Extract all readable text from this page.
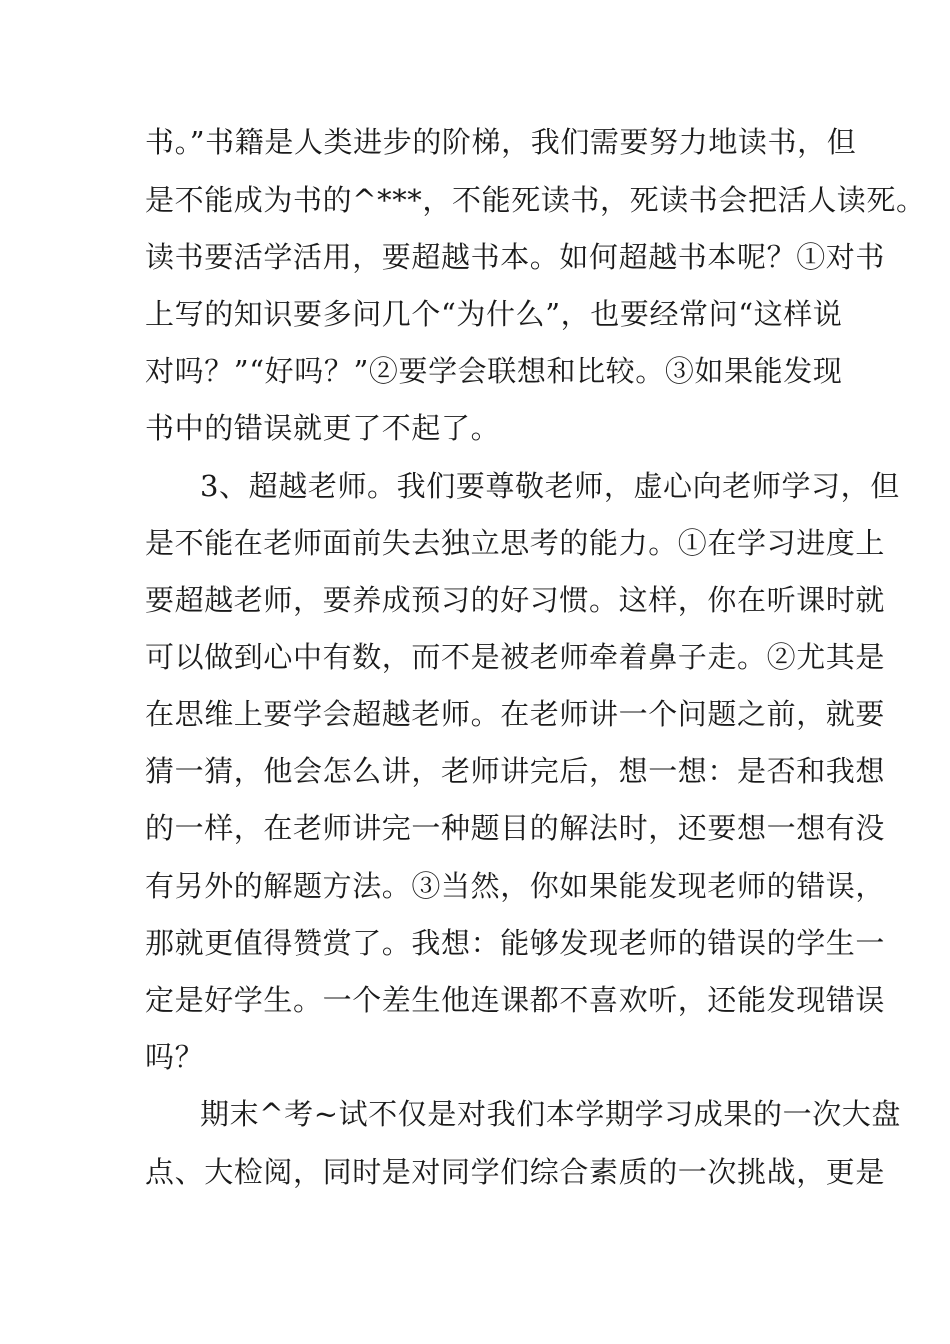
书。”书籍是人类进步的阶梯，我们需要努力地读书，但

是不能成为书的^***，不能死读书，死读书会把活人读死。

读书要活学活用，要超越书本。如何超越书本呢？①对书

上写的知识要多问几个“为什么”，也要经常问“这样说

对吗？”“好吗？”②要学会联想和比较。③如果能发现

书中的错误就更了不起了。

3、超越老师。我们要尊敬老师，虚心向老师学习，但

是不能在老师面前失去独立思考的能力。①在学习进度上

要超越老师，要养成预习的好习惯。这样，你在听课时就

可以做到心中有数，而不是被老师牵着鼻子走。②尤其是

在思维上要学会超越老师。在老师讲一个问题之前，就要

猜一猜，他会怎么讲，老师讲完后，想一想：是否和我想

的一样，在老师讲完一种题目的解法时，还要想一想有没

有另外的解题方法。③当然，你如果能发现老师的错误，

那就更值得赞赏了。我想：能够发现老师的错误的学生一

定是好学生。一个差生他连课都不喜欢听，还能发现错误

吗？

期末^考~试不仅是对我们本学期学习成果的一次大盘

点、大检阅，同时是对同学们综合素质的一次挑战，更是
